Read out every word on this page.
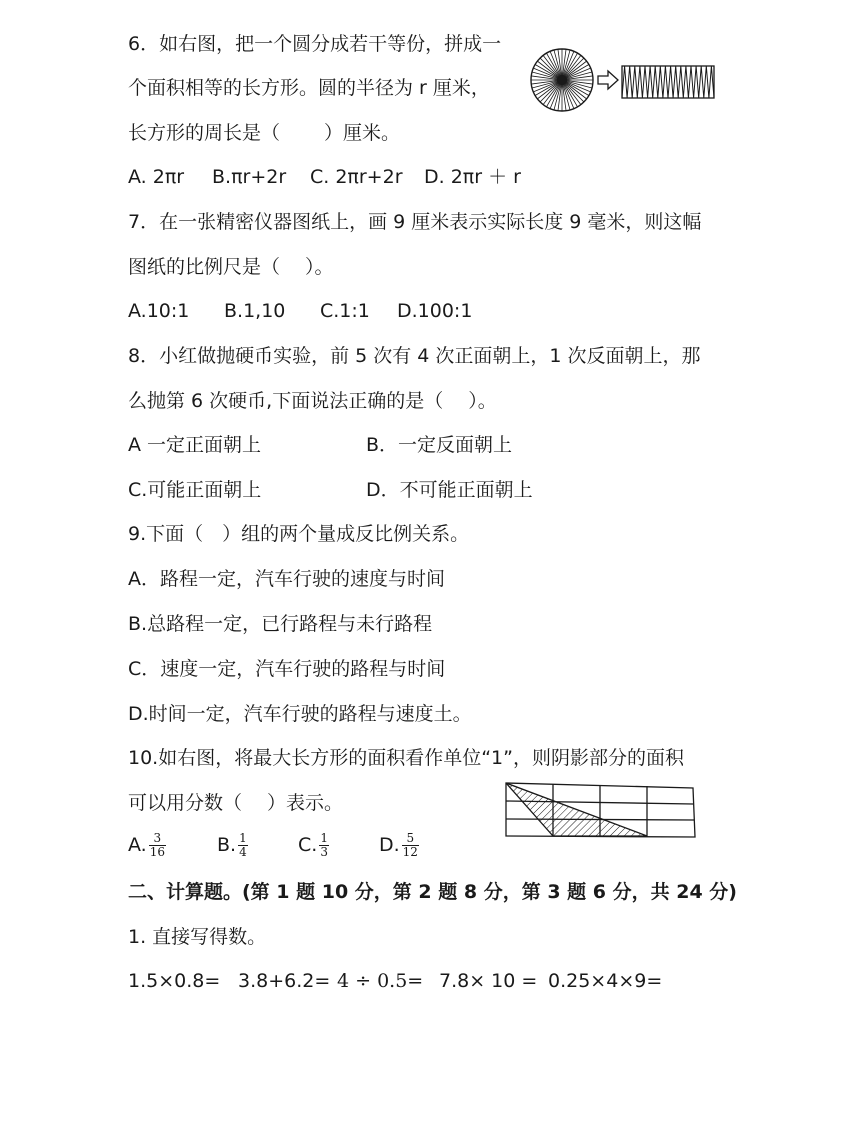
6．如右图，把一个圆分成若干等份，拼成一
个面积相等的长方形。圆的半径为 r 厘米，
长方形的周长是（　　 ）厘米。
A. 2πr B.πr+2r C. 2πr+2r D. 2πr ＋ r
7．在一张精密仪器图纸上，画 9 厘米表示实际长度 9 毫米，则这幅
图纸的比例尺是（　 ）。
A.10:1 B.1,10 C.1:1 D.100:1
8．小红做抛硬币实验，前 5 次有 4 次正面朝上，1 次反面朝上，那
么抛第 6 次硬币,下面说法正确的是（　 ）。
A 一定正面朝上	B．一定反面朝上
C.可能正面朝上	D．不可能正面朝上
9.下面（　）组的两个量成反比例关系。
A．路程一定，汽车行驶的速度与时间
B.总路程一定，已行路程与未行路程
C．速度一定，汽车行驶的路程与时间
D.时间一定，汽车行驶的路程与速度土。
10.如右图，将最大长方形的面积看作单位“1”，则阴影部分的面积
可以用分数（　 ）表示。
A. $\frac{3}{16}$	B. $\frac{1}{4}$	C. $\frac{1}{3}$	D. $\frac{5}{12}$
二、计算题。(第 1 题 10 分，第 2 题 8 分，第 3 题 6 分，共 24 分)
1. 直接写得数。
1.5×0.8= 3.8+6.2= 4 ÷ 0.5= 7.8× 10 = 0.25×4×9=
